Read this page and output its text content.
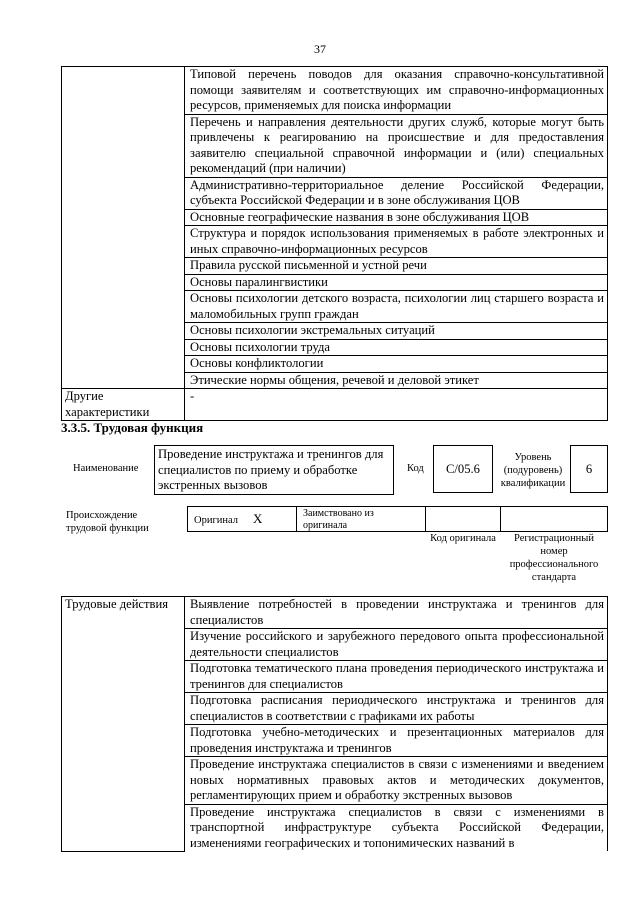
37
	Типовой перечень поводов для оказания справочно-консультативной помощи заявителям и соответствующих им справочно-информационных ресурсов, применяемых для поиска информации
	Перечень и направления деятельности других служб, которые могут быть привлечены к реагированию на происшествие и для предоставления заявителю специальной справочной информации и (или) специальных рекомендаций (при наличии)
	Административно-территориальное деление Российской Федерации, субъекта Российской Федерации и в зоне обслуживания ЦОВ
	Основные географические названия в зоне обслуживания ЦОВ
	Структура и порядок использования применяемых в работе электронных и иных справочно-информационных ресурсов
	Правила русской письменной и устной речи
	Основы паралингвистики
	Основы психологии детского возраста, психологии лиц старшего возраста и маломобильных групп граждан
	Основы психологии экстремальных ситуаций
	Основы психологии труда
	Основы конфликтологии
	Этические нормы общения, речевой и деловой этикет
Другие характеристики	-
3.3.5. Трудовая функция
Наименование
Проведение инструктажа и тренингов для специалистов по приему и обработке экстренных вызовов
Код	C/05.6
Уровень (подуровень) квалификации
6
Происхождение трудовой функции
Оригинал X	Заимствовано из оригинала
Код оригинала	Регистрационный номер профессионального стандарта
Трудовые действия	Выявление потребностей в проведении инструктажа и тренингов для специалистов
Изучение российского и зарубежного передового опыта профессиональной деятельности специалистов
Подготовка тематического плана проведения периодического инструктажа и тренингов для специалистов
Подготовка расписания периодического инструктажа и тренингов для специалистов в соответствии с графиками их работы
Подготовка учебно-методических и презентационных материалов для проведения инструктажа и тренингов
Проведение инструктажа специалистов в связи с изменениями и введением новых нормативных правовых актов и методических документов, регламентирующих прием и обработку экстренных вызовов
Проведение инструктажа специалистов в связи с изменениями в транспортной инфраструктуре субъекта Российской Федерации, изменениями географических и топонимических названий в
